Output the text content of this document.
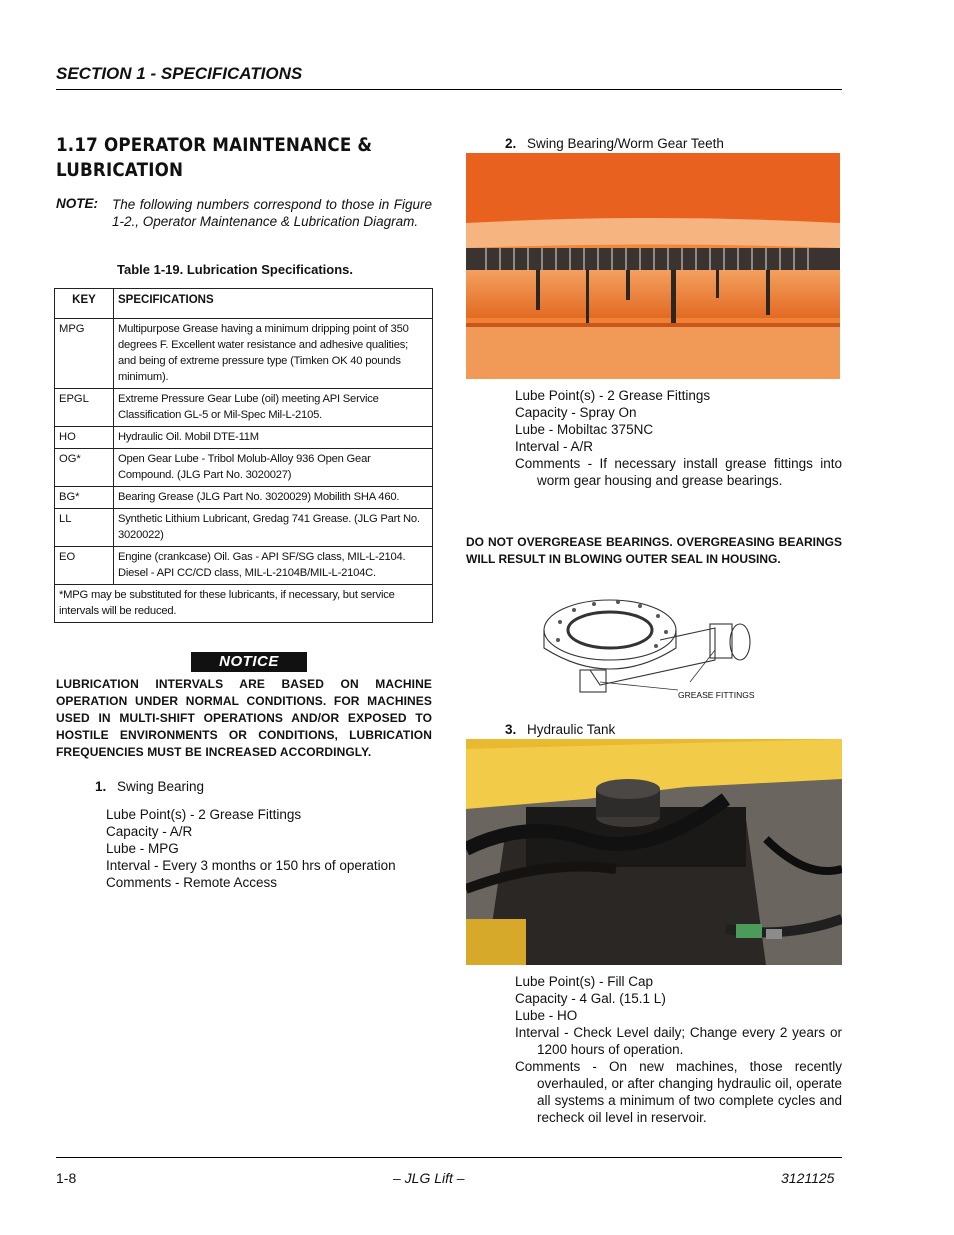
SECTION 1 - SPECIFICATIONS
1.17 OPERATOR MAINTENANCE & LUBRICATION
NOTE: The following numbers correspond to those in Figure 1-2., Operator Maintenance & Lubrication Diagram.
Table 1-19. Lubrication Specifications.
KEY	SPECIFICATIONS
MPG	Multipurpose Grease having a minimum dripping point of 350 degrees F. Excellent water resistance and adhesive qualities; and being of extreme pressure type (Timken OK 40 pounds minimum).
EPGL	Extreme Pressure Gear Lube (oil) meeting API Service Classification GL-5 or Mil-Spec Mil-L-2105.
HO	Hydraulic Oil. Mobil DTE-11M
OG*	Open Gear Lube - Tribol Molub-Alloy 936 Open Gear Compound. (JLG Part No. 3020027)
BG*	Bearing Grease (JLG Part No. 3020029) Mobilith SHA 460.
LL	Synthetic Lithium Lubricant, Gredag 741 Grease. (JLG Part No. 3020022)
EO	Engine (crankcase) Oil. Gas - API SF/SG class, MIL-L-2104. Diesel - API CC/CD class, MIL-L-2104B/MIL-L-2104C.
*MPG may be substituted for these lubricants, if necessary, but service intervals will be reduced.	
NOTICE
LUBRICATION INTERVALS ARE BASED ON MACHINE OPERATION UNDER NORMAL CONDITIONS. FOR MACHINES USED IN MULTI-SHIFT OPERATIONS AND/OR EXPOSED TO HOSTILE ENVIRONMENTS OR CONDITIONS, LUBRICATION FREQUENCIES MUST BE INCREASED ACCORDINGLY.
1. Swing Bearing
Lube Point(s) - 2 Grease Fittings
Capacity - A/R
Lube - MPG
Interval - Every 3 months or 150 hrs of operation
Comments - Remote Access
2. Swing Bearing/Worm Gear Teeth
Lube Point(s) - 2 Grease Fittings
Capacity - Spray On
Lube - Mobiltac 375NC
Interval - A/R
Comments - If necessary install grease fittings into worm gear housing and grease bearings.
DO NOT OVERGREASE BEARINGS. OVERGREASING BEARINGS WILL RESULT IN BLOWING OUTER SEAL IN HOUSING.
GREASE FITTINGS
3. Hydraulic Tank
Lube Point(s) - Fill Cap
Capacity - 4 Gal. (15.1 L)
Lube - HO
Interval - Check Level daily; Change every 2 years or 1200 hours of operation.
Comments - On new machines, those recently overhauled, or after changing hydraulic oil, operate all systems a minimum of two complete cycles and recheck oil level in reservoir.
1-8	– JLG Lift –	3121125
